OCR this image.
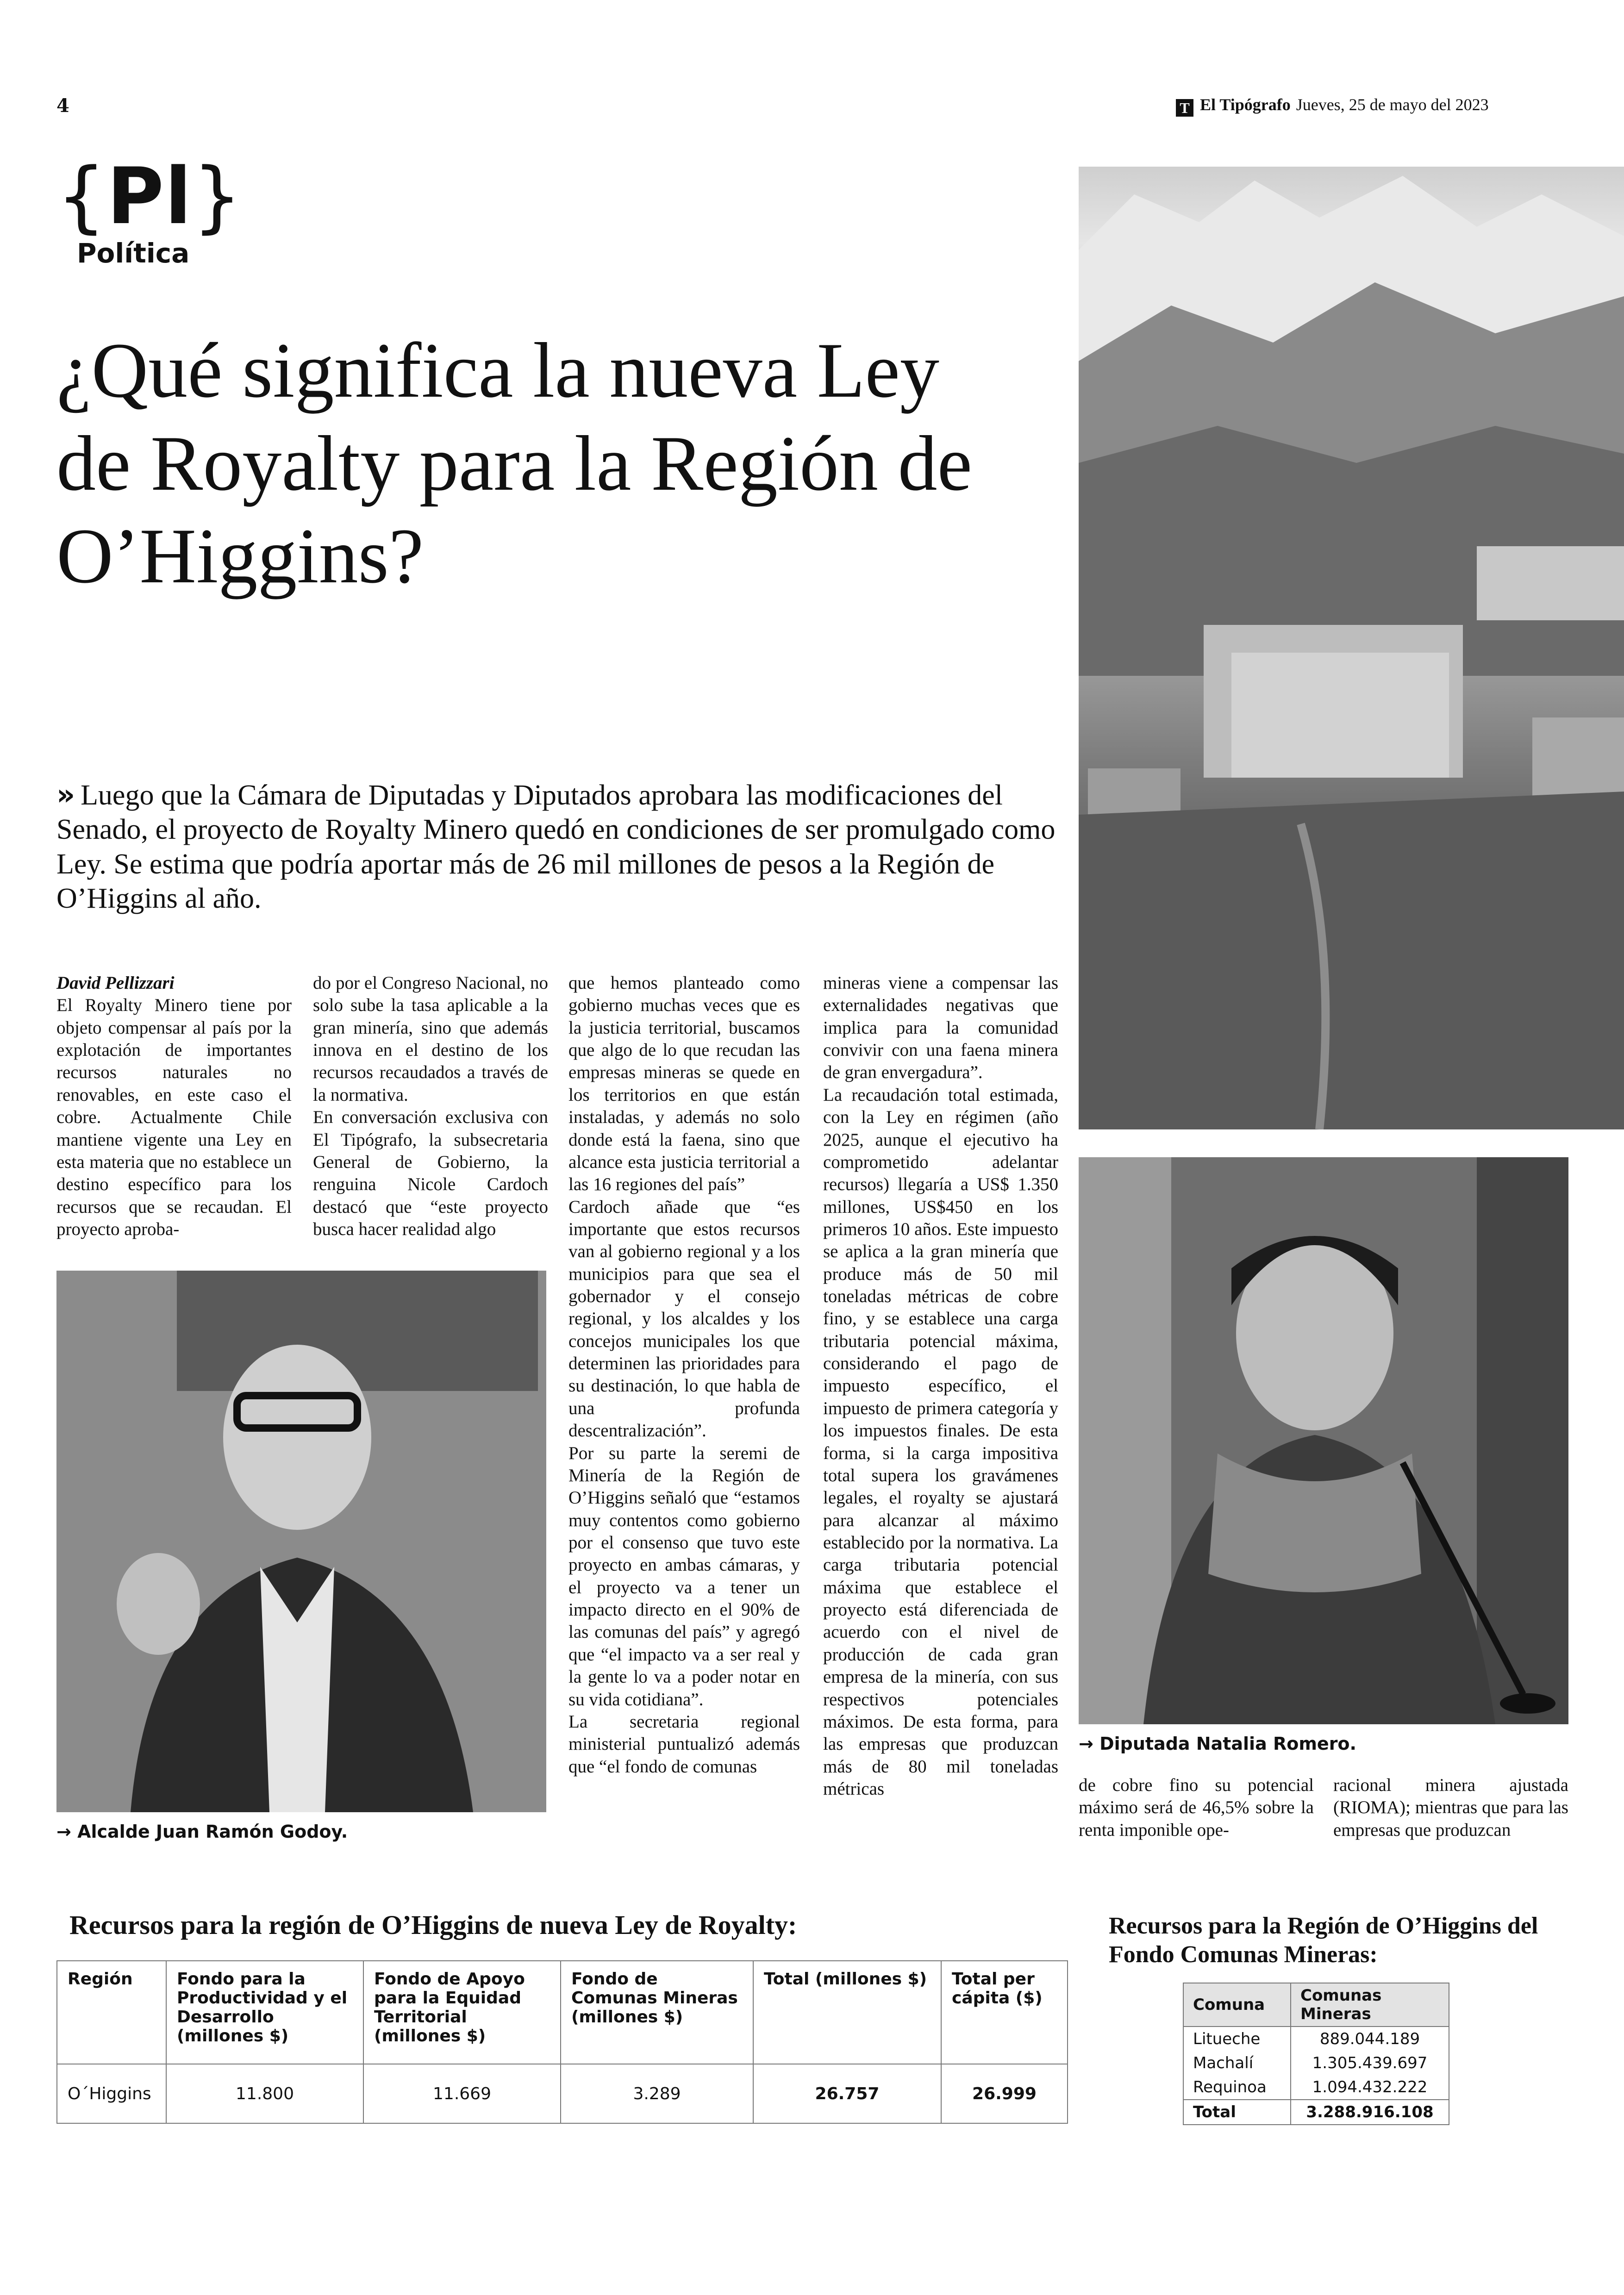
4	T El Tipógrafo Jueves, 25 de mayo del 2023
{Pl}
Política
¿Qué significa la nueva Ley de Royalty para la Región de O’Higgins?
» Luego que la Cámara de Diputadas y Diputados aprobara las modificaciones del Senado, el proyecto de Royalty Minero quedó en condiciones de ser promulgado como Ley. Se estima que podría aportar más de 26 mil millones de pesos a la Región de O’Higgins al año.
→ Alcalde Juan Ramón Godoy.
→ Diputada Natalia Romero.

David Pellizzari

El Royalty Minero tiene por objeto compensar al país por la explotación de importantes recursos naturales no renovables, en este caso el cobre. Actualmente Chile mantiene vigente una Ley en esta materia que no establece un destino específico para los recursos que se recaudan. El proyecto aproba-

do por el Congreso Nacional, no solo sube la tasa aplicable a la gran minería, sino que además innova en el destino de los recursos recaudados a través de la normativa.

En conversación exclusiva con El Tipógrafo, la subsecretaria General de Gobierno, la renguina Nicole Cardoch destacó que “este proyecto busca hacer realidad algo

que hemos planteado como gobierno muchas veces que es la justicia territorial, buscamos que algo de lo que recudan las empresas mineras se quede en los territorios en que están instaladas, y además no solo donde está la faena, sino que alcance esta justicia territorial a las 16 regiones del país”

Cardoch añade que “es importante que estos recursos van al gobierno regional y a los municipios para que sea el gobernador y el consejo regional, y los alcaldes y los concejos municipales los que determinen las prioridades para su destinación, lo que habla de una profunda descentralización”.

Por su parte la seremi de Minería de la Región de O’Higgins señaló que “estamos muy contentos como gobierno por el consenso que tuvo este proyecto en ambas cámaras, y el proyecto va a tener un impacto directo en el 90% de las comunas del país” y agregó que “el impacto va a ser real y la gente lo va a poder notar en su vida cotidiana”.

La secretaria regional ministerial puntualizó además que “el fondo de comunas

mineras viene a compensar las externalidades negativas que implica para la comunidad convivir con una faena minera de gran envergadura”.

La recaudación total estimada, con la Ley en régimen (año 2025, aunque el ejecutivo ha comprometido adelantar recursos) llegaría a US$ 1.350 millones, US$450 en los primeros 10 años. Este impuesto se aplica a la gran minería que produce más de 50 mil toneladas métricas de cobre fino, y se establece una carga tributaria potencial máxima, considerando el pago de impuesto específico, el impuesto de primera categoría y los impuestos finales. De esta forma, si la carga impositiva total supera los gravámenes legales, el royalty se ajustará para alcanzar al máximo establecido por la normativa. La carga tributaria potencial máxima que establece el proyecto está diferenciada de acuerdo con el nivel de producción de cada gran empresa de la minería, con sus respectivos potenciales máximos. De esta forma, para las empresas que produzcan más de 80 mil toneladas métricas	de cobre fino su potencial máximo será de 46,5% sobre la renta imponible ope-

racional minera ajustada (RIOMA); mientras que para las empresas que produzcan

Recursos para la región de O’Higgins de nueva Ley de Royalty:
Región	Fondo para la Productividad y el Desarrollo (millones $)	Fondo de Apoyo para la Equidad Territorial (millones $)	Fondo de Comunas Mineras (millones $)	Total (millones $)	Total per cápita ($)
O´Higgins	11.800	11.669	3.289	26.757	26.999
Recursos para la Región de O’Higgins del Fondo Comunas Mineras:
Comuna	Comunas Mineras
Litueche	889.044.189
Machalí	1.305.439.697
Requinoa	1.094.432.222
Total	3.288.916.108
